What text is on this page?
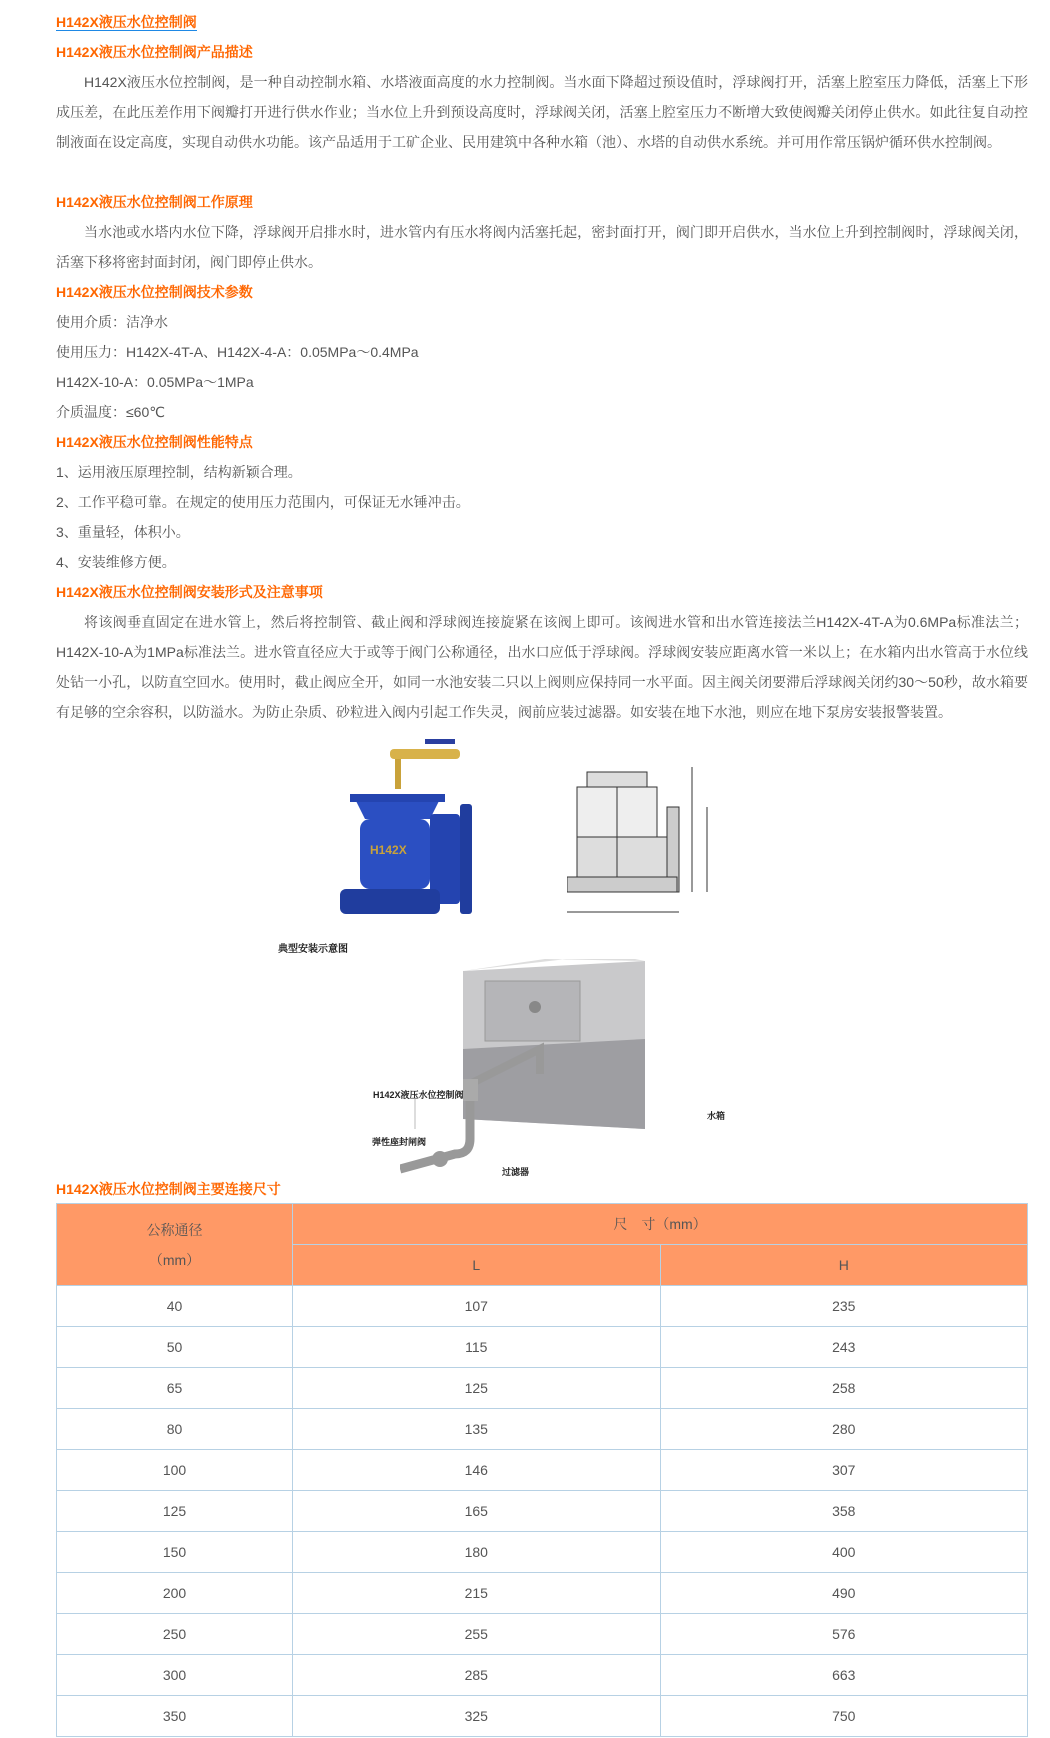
H142X液压水位控制阀
H142X液压水位控制阀产品描述
H142X液压水位控制阀，是一种自动控制水箱、水塔液面高度的水力控制阀。当水面下降超过预设值时，浮球阀打开，活塞上腔室压力降低，活塞上下形成压差，在此压差作用下阀瓣打开进行供水作业；当水位上升到预设高度时，浮球阀关闭，活塞上腔室压力不断增大致使阀瓣关闭停止供水。如此往复自动控制液面在设定高度，实现自动供水功能。该产品适用于工矿企业、民用建筑中各种水箱（池）、水塔的自动供水系统。并可用作常压锅炉循环供水控制阀。
H142X液压水位控制阀工作原理
当水池或水塔内水位下降，浮球阀开启排水时，进水管内有压水将阀内活塞托起，密封面打开，阀门即开启供水，当水位上升到控制阀时，浮球阀关闭，活塞下移将密封面封闭，阀门即停止供水。
H142X液压水位控制阀技术参数
使用介质：洁净水
使用压力：H142X-4T-A、H142X-4-A：0.05MPa～0.4MPa
H142X-10-A：0.05MPa～1MPa
介质温度：≤60℃
H142X液压水位控制阀性能特点
1、运用液压原理控制，结构新颖合理。
2、工作平稳可靠。在规定的使用压力范围内，可保证无水锤冲击。
3、重量轻，体积小。
4、安装维修方便。
H142X液压水位控制阀安装形式及注意事项
将该阀垂直固定在进水管上，然后将控制管、截止阀和浮球阀连接旋紧在该阀上即可。该阀进水管和出水管连接法兰H142X-4T-A为0.6MPa标准法兰；H142X-10-A为1MPa标准法兰。进水管直径应大于或等于阀门公称通径，出水口应低于浮球阀。浮球阀安装应距离水管一米以上；在水箱内出水管高于水位线处钻一小孔，以防直空回水。使用时，截止阀应全开，如同一水池安装二只以上阀则应保持同一水平面。因主阀关闭要滞后浮球阀关闭约30～50秒，故水箱要有足够的空余容积，以防溢水。为防止杂质、砂粒进入阀内引起工作失灵，阀前应装过滤器。如安装在地下水池，则应在地下泵房安装报警装置。
H142X
典型安装示意图
H142X液压水位控制阀
水箱
弹性座封闸阀
过滤器
H142X液压水位控制阀主要连接尺寸
公称通径
（mm）	尺　寸（mm）	
	L	H
40	107	235
50	115	243
65	125	258
80	135	280
100	146	307
125	165	358
150	180	400
200	215	490
250	255	576
300	285	663
350	325	750
